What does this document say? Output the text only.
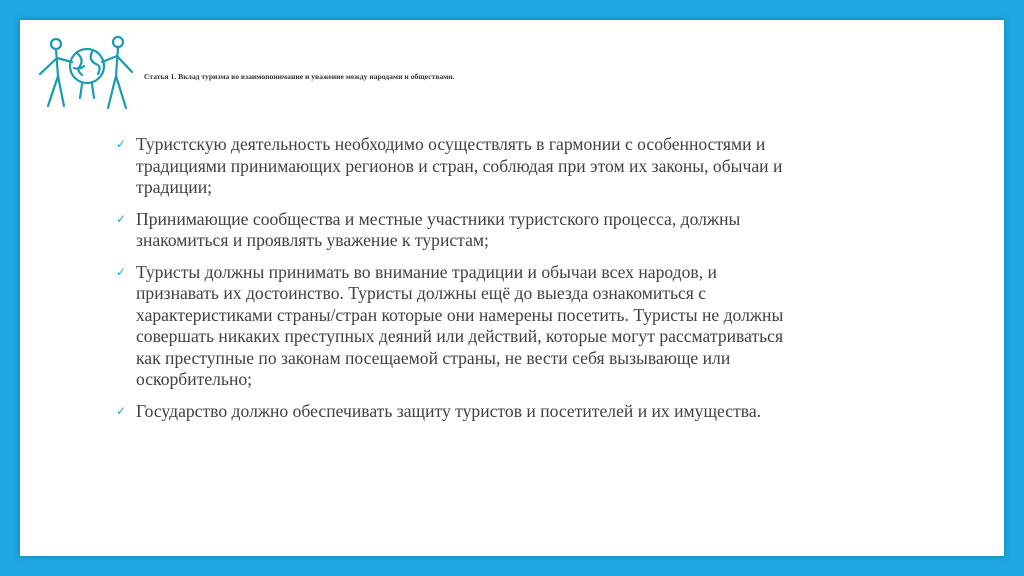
Статья 1. Вклад туризма во взаимопонимание и уважение между народами и обществами.
✓ Туристскую деятельность необходимо осуществлять в гармонии с особенностями и традициями принимающих регионов и стран, соблюдая при этом их законы, обычаи и традиции;
✓ Принимающие сообщества и местные участники туристского процесса, должны знакомиться и проявлять уважение к туристам;
✓ Туристы должны принимать во внимание традиции и обычаи всех народов, и признавать их достоинство. Туристы должны ещё до выезда ознакомиться с характеристиками страны/стран которые они намерены посетить. Туристы не должны совершать никаких преступных деяний или действий, которые могут рассматриваться как преступные по законам посещаемой страны, не вести себя вызывающе или оскорбительно;
✓ Государство должно обеспечивать защиту туристов и посетителей и их имущества.
